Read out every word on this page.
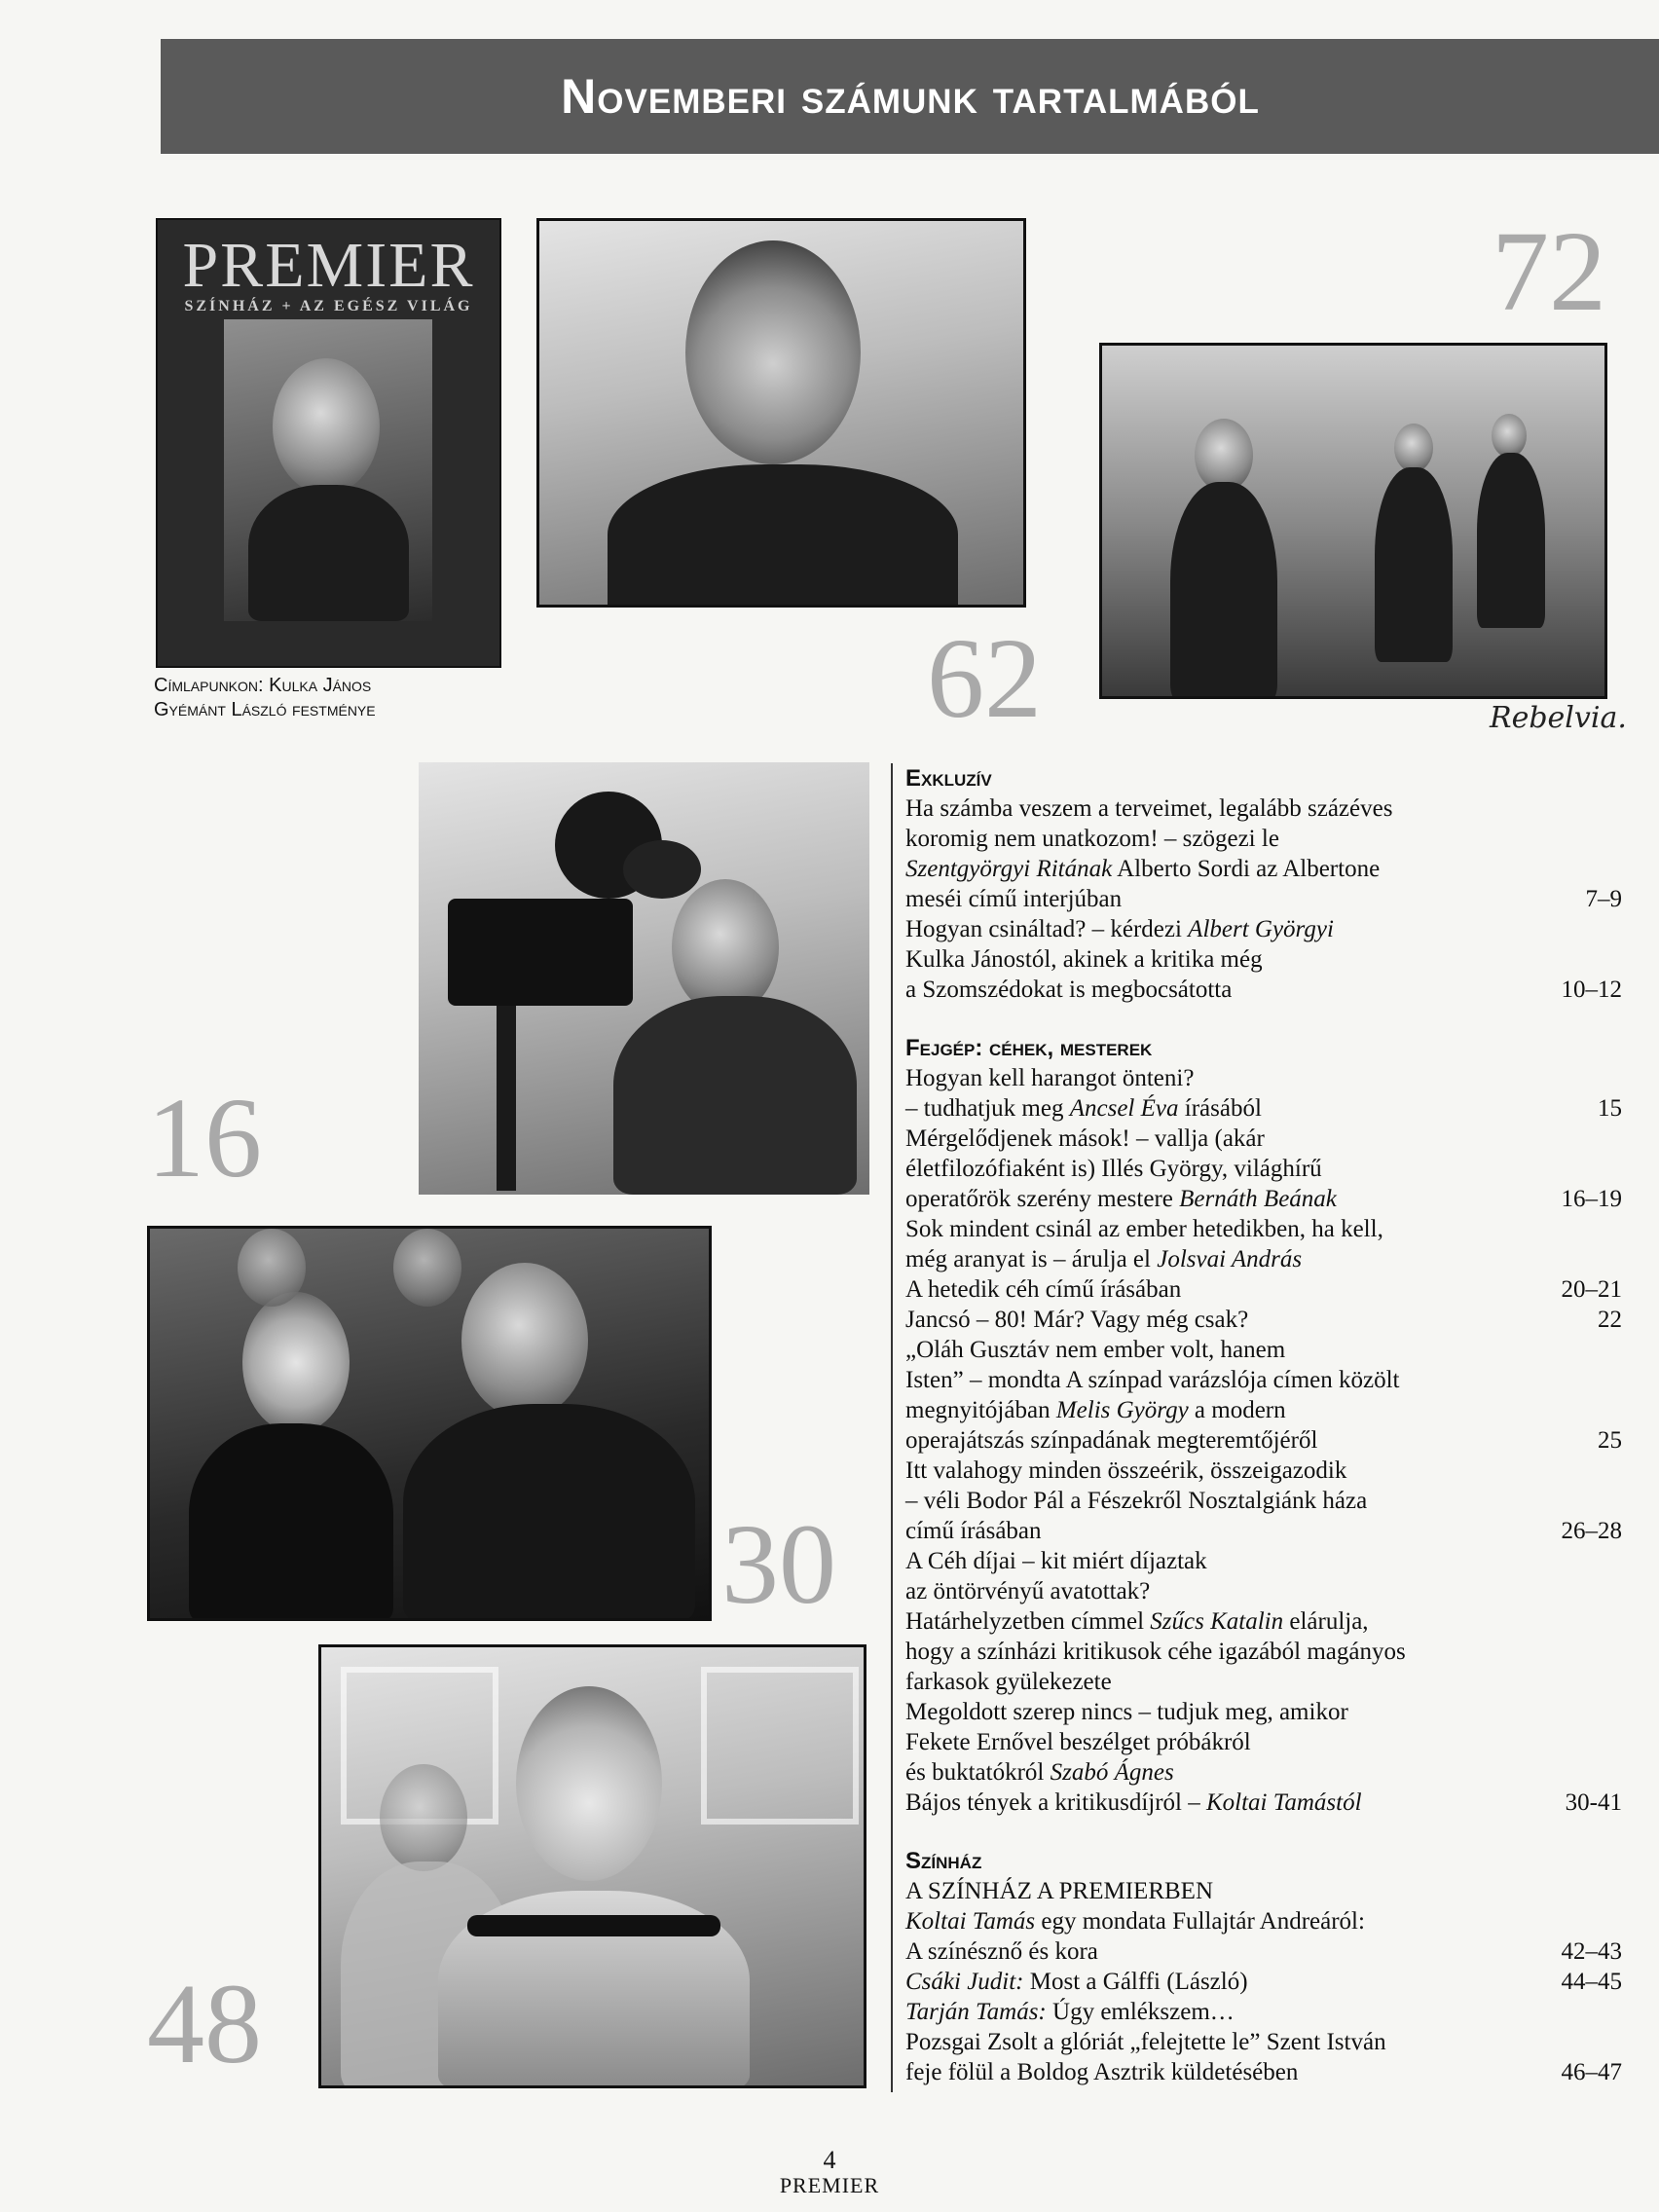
Novemberi számunk tartalmából
PREMIER
SZÍNHÁZ + AZ EGÉSZ VILÁG
Címlapunkon: Kulka János
Gyémánt László festménye
72
62
16
30
48
Rebelvia.
Exkluzív
Ha számba veszem a terveimet, legalább százéves
koromig nem unatkozom! – szögezi le
Szentgyörgyi Ritának Alberto Sordi az Albertone
meséi című interjúban	7–9
Hogyan csináltad? – kérdezi Albert Györgyi
Kulka Jánostól, akinek a kritika még
a Szomszédokat is megbocsátotta	10–12
Fejgép: céhek, mesterek
Hogyan kell harangot önteni?
– tudhatjuk meg Ancsel Éva írásából	15
Mérgelődjenek mások! – vallja (akár
életfilozófiaként is) Illés György, világhírű
operatőrök szerény mestere Bernáth Beának	16–19
Sok mindent csinál az ember hetedikben, ha kell,
még aranyat is – árulja el Jolsvai András
A hetedik céh című írásában	20–21
Jancsó – 80! Már? Vagy még csak?	22
„Oláh Gusztáv nem ember volt, hanem
Isten” – mondta A színpad varázslója címen közölt
megnyitójában Melis György a modern
operajátszás színpadának megteremtőjéről	25
Itt valahogy minden összeérik, összeigazodik
– véli Bodor Pál a Fészekről Nosztalgiánk háza
című írásában	26–28
A Céh díjai – kit miért díjaztak
az öntörvényű avatottak?
Határhelyzetben címmel Szűcs Katalin elárulja,
hogy a színházi kritikusok céhe igazából magányos
farkasok gyülekezete
Megoldott szerep nincs – tudjuk meg, amikor
Fekete Ernővel beszélget próbákról
és buktatókról Szabó Ágnes
Bájos tények a kritikusdíjról – Koltai Tamástól	30-41
Színház
A SZÍNHÁZ A PREMIERBEN
Koltai Tamás egy mondata Fullajtár Andreáról:
A színésznő és kora	42–43
Csáki Judit: Most a Gálffi (László)	44–45
Tarján Tamás: Úgy emlékszem…
Pozsgai Zsolt a glóriát „felejtette le” Szent István
feje fölül a Boldog Asztrik küldetésében	46–47
4
PREMIER
